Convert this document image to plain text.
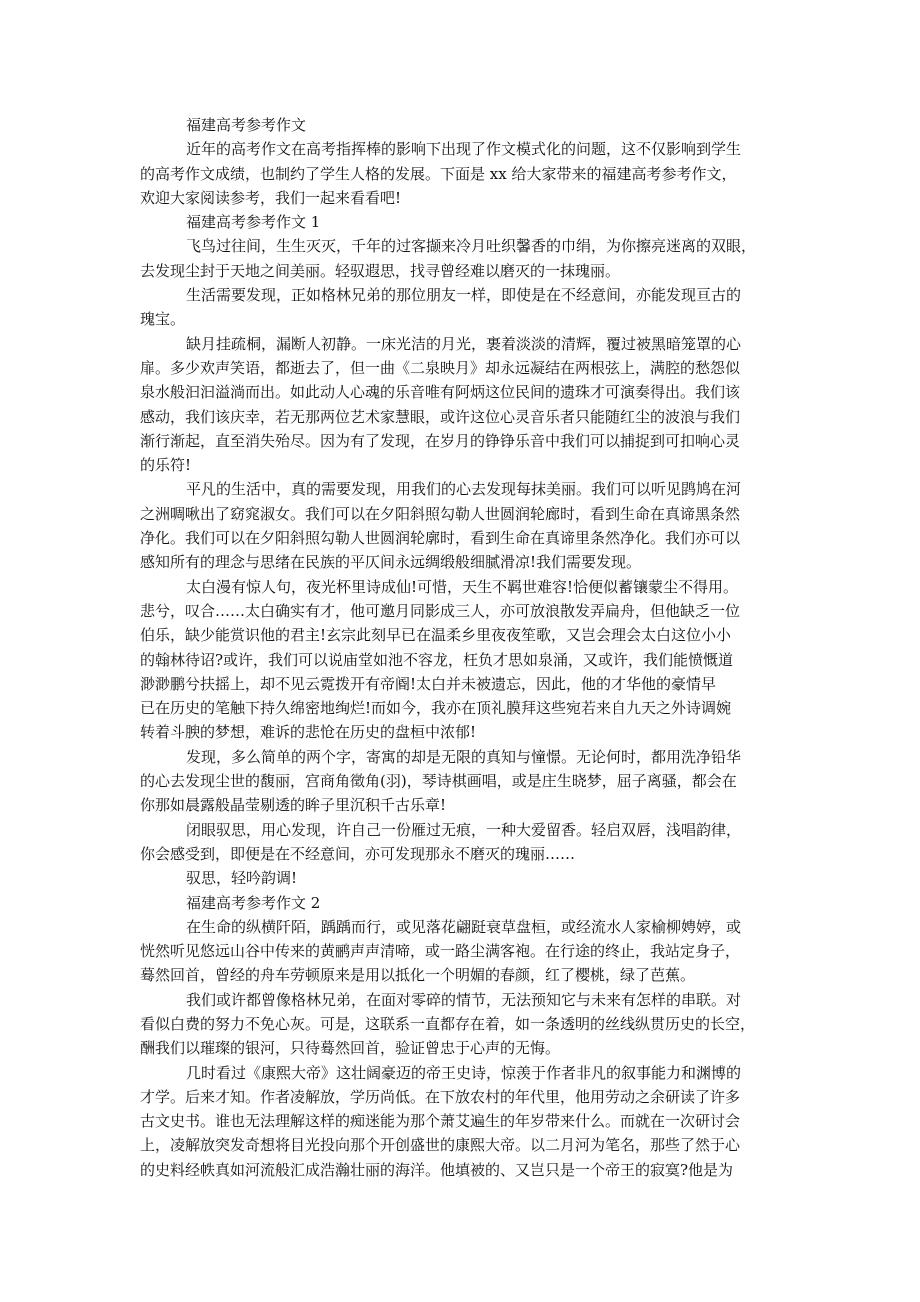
福建高考参考作文
近年的高考作文在高考指挥棒的影响下出现了作文模式化的问题，这不仅影响到学生
的高考作文成绩，也制约了学生人格的发展。下面是 xx 给大家带来的福建高考参考作文，
欢迎大家阅读参考，我们一起来看看吧!
福建高考参考作文 1
飞鸟过往间，生生灭灭，千年的过客撷来冷月吐织馨香的巾绢，为你擦亮迷离的双眼，
去发现尘封于天地之间美丽。轻驭遐思，找寻曾经难以磨灭的一抹瑰丽。
生活需要发现，正如格林兄弟的那位朋友一样，即使是在不经意间，亦能发现亘古的
瑰宝。
缺月挂疏桐，漏断人初静。一床光洁的月光，裹着淡淡的清辉，覆过被黑暗笼罩的心
扉。多少欢声笑语，都逝去了，但一曲《二泉映月》却永远凝结在两根弦上，满腔的愁怨似
泉水般汩汩溢淌而出。如此动人心魂的乐音唯有阿炳这位民间的遗珠才可演奏得出。我们该
感动，我们该庆幸，若无那两位艺术家慧眼，或许这位心灵音乐者只能随红尘的波浪与我们
渐行渐起，直至消失殆尽。因为有了发现，在岁月的铮铮乐音中我们可以捕捉到可扣响心灵
的乐符!
平凡的生活中，真的需要发现，用我们的心去发现每抹美丽。我们可以听见鹍鸠在河
之洲啁啾出了窈窕淑女。我们可以在夕阳斜照勾勒人世圆润轮廊时，看到生命在真谛黑条然
净化。我们可以在夕阳斜照勾勒人世圆润轮廓时，看到生命在真谛里条然净化。我们亦可以
感知所有的理念与思绪在民族的平仄间永远绸缎般细腻滑凉!我们需要发现。
太白漫有惊人句，夜光杯里诗成仙!可惜，天生不羁世难容!恰便似蓄镶蒙尘不得用。
悲兮，叹合……太白确实有才，他可邀月同影成三人，亦可放浪散发弄扁舟，但他缺乏一位
伯乐，缺少能赏识他的君主!玄宗此刻早已在温柔乡里夜夜笙歌，又岂会理会太白这位小小
的翰林待诏?或许，我们可以说庙堂如池不容龙，枉负才思如泉涌，又或许，我们能愤慨道
渺渺鹏兮扶摇上，却不见云霓拨开有帝阍!太白并未被遗忘，因此，他的才华他的豪情早
已在历史的笔触下持久绵密地绚烂!而如今，我亦在顶礼膜拜这些宛若来自九天之外诗调婉
转着斗腴的梦想，难诉的悲怆在历史的盘桓中浓郁!
发现，多么简单的两个字，寄寓的却是无限的真知与憧憬。无论何时，都用洗净铅华
的心去发现尘世的馥丽，宫商角徵角(羽)，琴诗棋画唱，或是庄生晓梦，屈子离骚，都会在
你那如晨露般晶莹剔透的眸子里沉积千古乐章!
闭眼驭思，用心发现，许自己一份雁过无痕，一种大爱留香。轻启双唇，浅唱韵律，
你会感受到，即便是在不经意间，亦可发现那永不磨灭的瑰丽……
驭思，轻吟韵调!
福建高考参考作文 2
在生命的纵横阡陌，踽踽而行，或见落花翩跹衰草盘桓，或经流水人家榆柳娉婷，或
恍然听见悠远山谷中传来的黄鹂声声清啼，或一路尘满客袍。在行途的终止，我站定身子，
蓦然回首，曾经的舟车劳顿原来是用以抵化一个明媚的春颜，红了樱桃，绿了芭蕉。
我们或许都曾像格林兄弟，在面对零碎的情节，无法预知它与未来有怎样的串联。对
看似白费的努力不免心灰。可是，这联系一直都存在着，如一条透明的丝线纵贯历史的长空，
酬我们以璀璨的银河，只待蓦然回首，验证曾忠于心声的无悔。
几时看过《康熙大帝》这壮阔豪迈的帝王史诗，惊羡于作者非凡的叙事能力和渊博的
才学。后来才知。作者凌解放，学历尚低。在下放农村的年代里，他用劳动之余研读了许多
古文史书。谁也无法理解这样的痴迷能为那个萧艾遍生的年岁带来什么。而就在一次研讨会
上，凌解放突发奇想将目光投向那个开创盛世的康熙大帝。以二月河为笔名，那些了然于心
的史料经帙真如河流般汇成浩瀚壮丽的海洋。他填被的、又岂只是一个帝王的寂寞?他是为
